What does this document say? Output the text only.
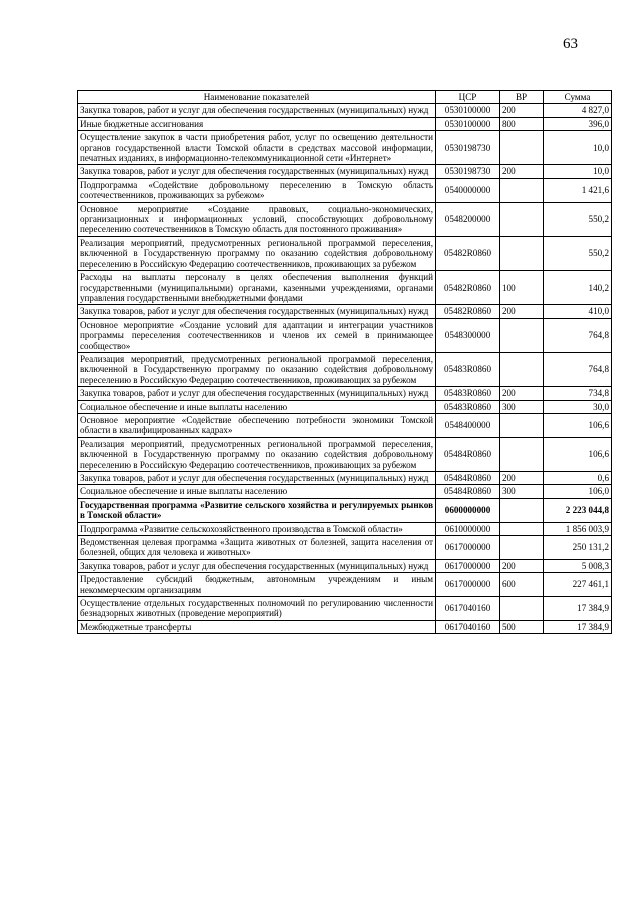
63
Наименование показателей	ЦСР	ВР	Сумма
Закупка товаров, работ и услуг для обеспечения государственных (муниципальных) нужд	0530100000	200	4 827,0
Иные бюджетные ассигнования	0530100000	800	396,0
Осуществление закупок в части приобретения работ, услуг по освещению деятельности органов государственной власти Томской области в средствах массовой информации, печатных изданиях, в информационно-телекоммуникационной сети «Интернет»	0530198730		10,0
Закупка товаров, работ и услуг для обеспечения государственных (муниципальных) нужд	0530198730	200	10,0
Подпрограмма «Содействие добровольному переселению в Томскую область соотечественников, проживающих за рубежом»	0540000000		1 421,6
Основное мероприятие «Создание правовых, социально-экономических, организационных и информационных условий, способствующих добровольному переселению соотечественников в Томскую область для постоянного проживания»	0548200000		550,2
Реализация мероприятий, предусмотренных региональной программой переселения, включенной в Государственную программу по оказанию содействия добровольному переселению в Российскую Федерацию соотечественников, проживающих за рубежом	05482R0860		550,2
Расходы на выплаты персоналу в целях обеспечения выполнения функций государственными (муниципальными) органами, казенными учреждениями, органами управления государственными внебюджетными фондами	05482R0860	100	140,2
Закупка товаров, работ и услуг для обеспечения государственных (муниципальных) нужд	05482R0860	200	410,0
Основное мероприятие «Создание условий для адаптации и интеграции участников программы переселения соотечественников и членов их семей в принимающее сообщество»	0548300000		764,8
Реализация мероприятий, предусмотренных региональной программой переселения, включенной в Государственную программу по оказанию содействия добровольному переселению в Российскую Федерацию соотечественников, проживающих за рубежом	05483R0860		764,8
Закупка товаров, работ и услуг для обеспечения государственных (муниципальных) нужд	05483R0860	200	734,8
Социальное обеспечение и иные выплаты населению	05483R0860	300	30,0
Основное мероприятие «Содействие обеспечению потребности экономики Томской области в квалифицированных кадрах»	0548400000		106,6
Реализация мероприятий, предусмотренных региональной программой переселения, включенной в Государственную программу по оказанию содействия добровольному переселению в Российскую Федерацию соотечественников, проживающих за рубежом	05484R0860		106,6
Закупка товаров, работ и услуг для обеспечения государственных (муниципальных) нужд	05484R0860	200	0,6
Социальное обеспечение и иные выплаты населению	05484R0860	300	106,0
Государственная программа «Развитие сельского хозяйства и регулируемых рынков в Томской области»	0600000000		2 223 044,8
Подпрограмма «Развитие сельскохозяйственного производства в Томской области»	0610000000		1 856 003,9
Ведомственная целевая программа «Защита животных от болезней, защита населения от болезней, общих для человека и животных»	0617000000		250 131,2
Закупка товаров, работ и услуг для обеспечения государственных (муниципальных) нужд	0617000000	200	5 008,3
Предоставление субсидий бюджетным, автономным учреждениям и иным некоммерческим организациям	0617000000	600	227 461,1
Осуществление отдельных государственных полномочий по регулированию численности безнадзорных животных (проведение мероприятий)	0617040160		17 384,9
Межбюджетные трансферты	0617040160	500	17 384,9
